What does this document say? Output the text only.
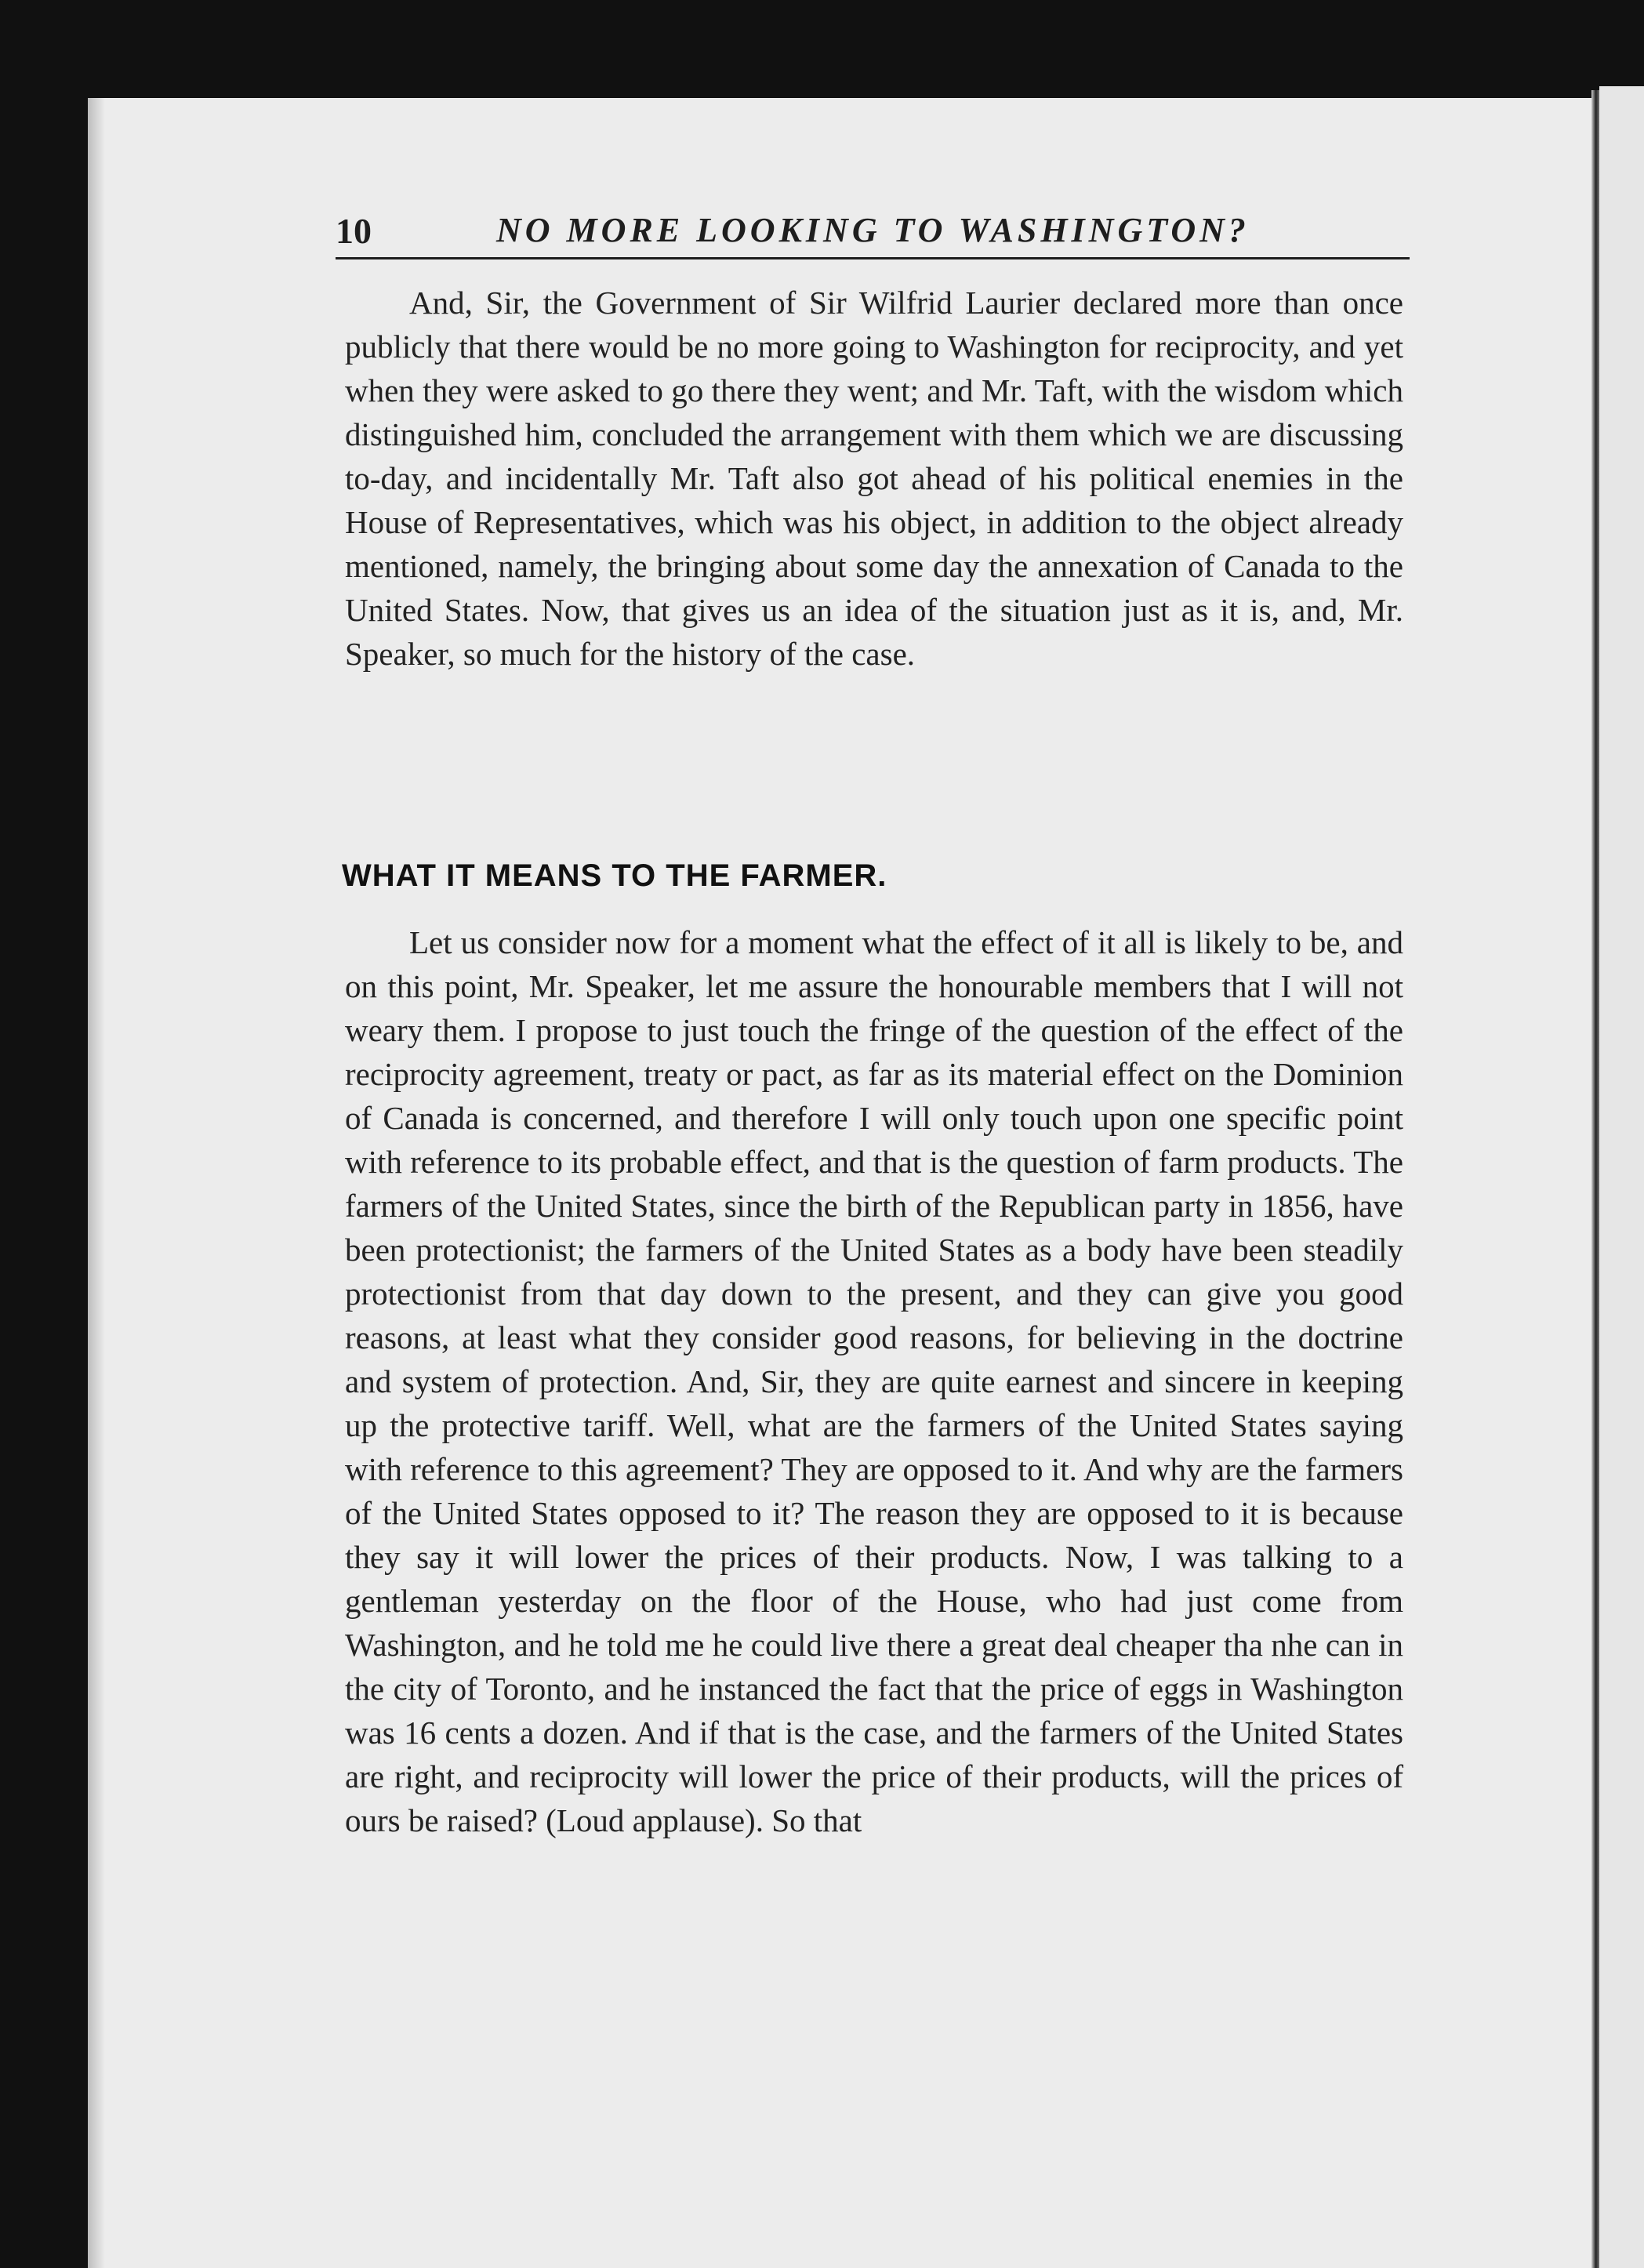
10	NO MORE LOOKING TO WASHINGTON?

And, Sir, the Government of Sir Wilfrid Laurier declared more than once publicly that there would be no more going to Washington for reciprocity, and yet when they were asked to go there they went; and Mr. Taft, with the wisdom which distinguished him, concluded the arrangement with them which we are discussing to-day, and incidentally Mr. Taft also got ahead of his political enemies in the House of Representatives, which was his object, in addition to the object already mentioned, namely, the bringing about some day the annexation of Canada to the United States. Now, that gives us an idea of the situation just as it is, and, Mr. Speaker, so much for the history of the case.

WHAT IT MEANS TO THE FARMER.

Let us consider now for a moment what the effect of it all is likely to be, and on this point, Mr. Speaker, let me assure the honourable members that I will not weary them. I propose to just touch the fringe of the question of the effect of the reciprocity agreement, treaty or pact, as far as its material effect on the Dominion of Canada is concerned, and therefore I will only touch upon one specific point with reference to its probable effect, and that is the question of farm products. The farmers of the United States, since the birth of the Republican party in 1856, have been protectionist; the farmers of the United States as a body have been steadily protectionist from that day down to the present, and they can give you good reasons, at least what they consider good reasons, for believing in the doctrine and system of protection. And, Sir, they are quite earnest and sincere in keeping up the protective tariff. Well, what are the farmers of the United States saying with reference to this agreement? They are opposed to it. And why are the farmers of the United States opposed to it? The reason they are opposed to it is because they say it will lower the prices of their products. Now, I was talking to a gentleman yesterday on the floor of the House, who had just come from Washington, and he told me he could live there a great deal cheaper tha nhe can in the city of Toronto, and he instanced the fact that the price of eggs in Washington was 16 cents a dozen. And if that is the case, and the farmers of the United States are right, and reciprocity will lower the price of their products, will the prices of ours be raised? (Loud applause). So that
